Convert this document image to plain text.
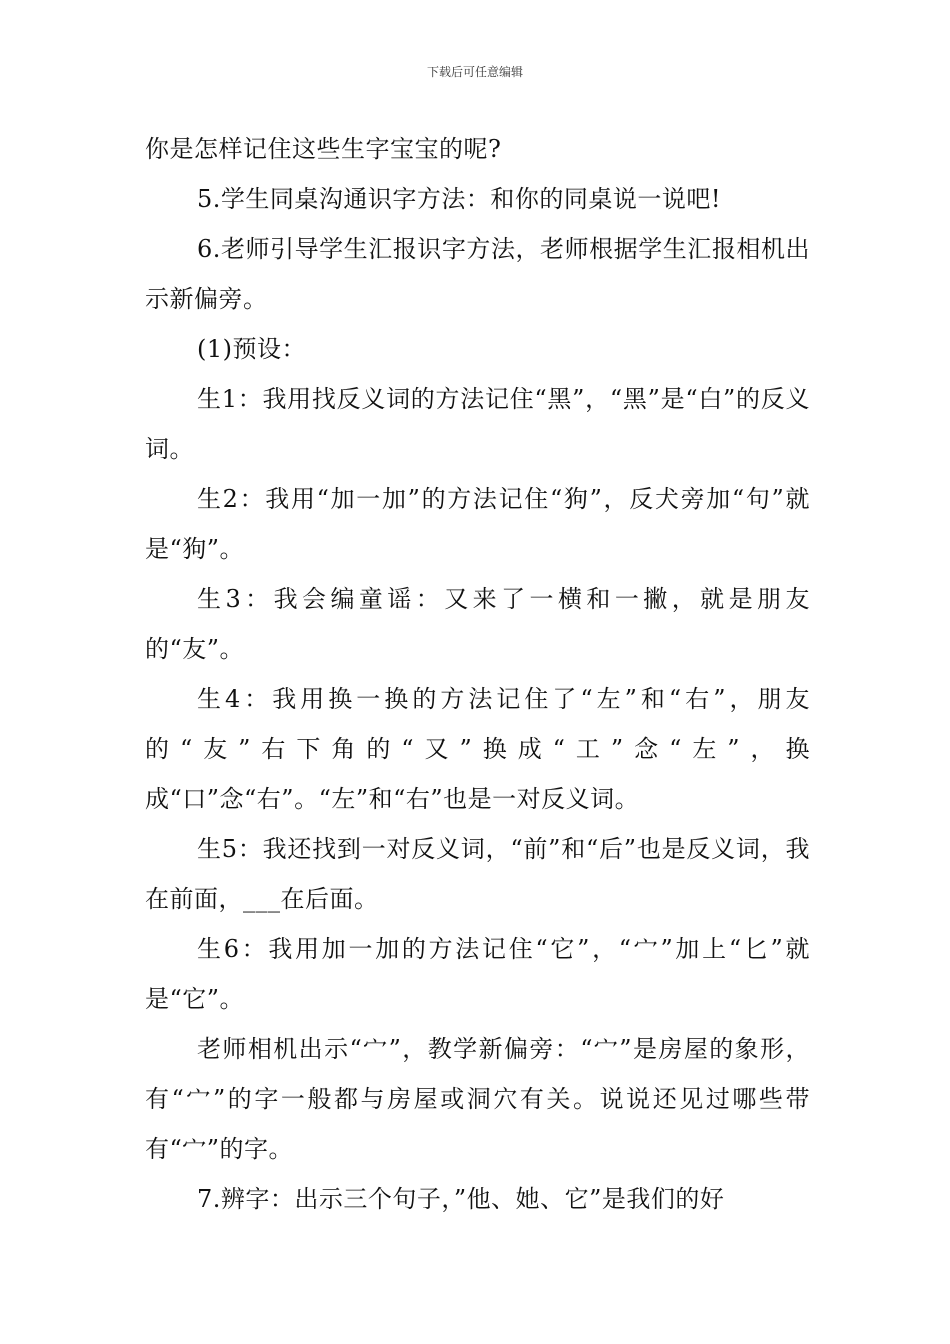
下载后可任意编辑

你是怎样记住这些生字宝宝的呢?

5.学生同桌沟通识字方法：和你的同桌说一说吧!

6.老师引导学生汇报识字方法，老师根据学生汇报相机出示新偏旁。

(1)预设：

生1：我用找反义词的方法记住“黑”，“黑”是“白”的反义词。

生2：我用“加一加”的方法记住“狗”，反犬旁加“句”就是“狗”。

生3：我会编童谣：又来了一横和一撇，就是朋友的“友”。

生4：我用换一换的方法记住了“左”和“右”，朋友的“友”右下角的“又”换成“工”念“左”，换成“口”念“右”。“左”和“右”也是一对反义词。

生5：我还找到一对反义词，“前”和“后”也是反义词，我在前面，___在后面。

生6：我用加一加的方法记住“它”，“宀”加上“匕”就是“它”。

老师相机出示“宀”，教学新偏旁：“宀”是房屋的象形，有“宀”的字一般都与房屋或洞穴有关。说说还见过哪些带有“宀”的字。

7.辨字：出示三个句子，”他、她、它”是我们的好
